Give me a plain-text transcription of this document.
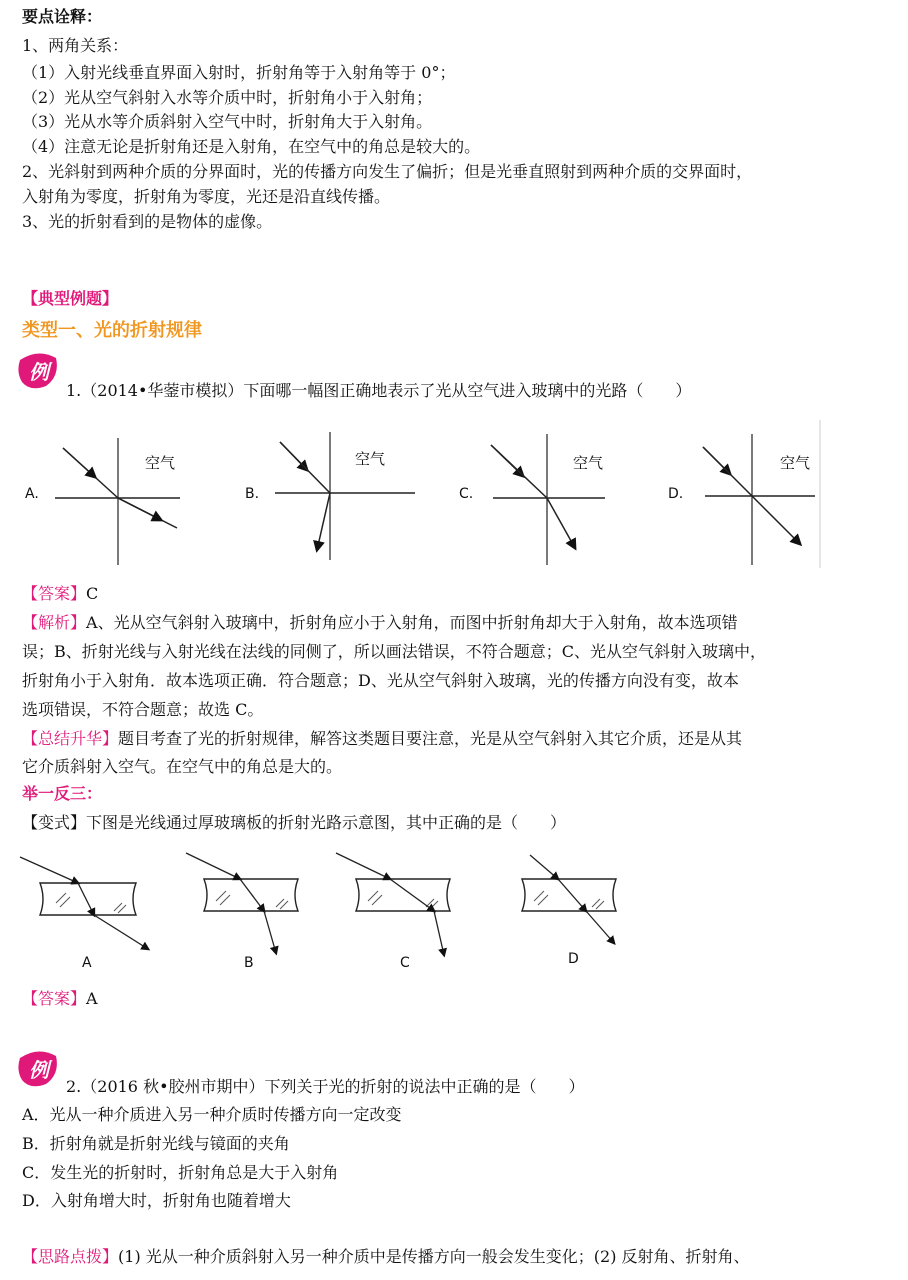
要点诠释：
1、两角关系：
（1）入射光线垂直界面入射时，折射角等于入射角等于 0°；
（2）光从空气斜射入水等介质中时，折射角小于入射角；
（3）光从水等介质斜射入空气中时，折射角大于入射角。
（4）注意无论是折射角还是入射角，在空气中的角总是较大的。
2、光斜射到两种介质的分界面时，光的传播方向发生了偏折；但是光垂直照射到两种介质的交界面时，
入射角为零度，折射角为零度，光还是沿直线传播。
3、光的折射看到的是物体的虚像。
【典型例题】
类型一、光的折射规律
例
1.（2014•华蓥市模拟）下面哪一幅图正确地表示了光从空气进入玻璃中的光路（　　）
空气
A.
空气
B.
空气
C.
空气
D.
【答案】C
【解析】A、光从空气斜射入玻璃中，折射角应小于入射角，而图中折射角却大于入射角，故本选项错
误；B、折射光线与入射光线在法线的同侧了，所以画法错误，不符合题意；C、光从空气斜射入玻璃中，
折射角小于入射角．故本选项正确．符合题意；D、光从空气斜射入玻璃，光的传播方向没有变，故本
选项错误，不符合题意；故选 C。
【总结升华】题目考查了光的折射规律，解答这类题目要注意，光是从空气斜射入其它介质，还是从其
它介质斜射入空气。在空气中的角总是大的。
举一反三：
【变式】下图是光线通过厚玻璃板的折射光路示意图，其中正确的是（　　）
A	B	C	D
【答案】A
例
2.（2016 秋•胶州市期中）下列关于光的折射的说法中正确的是（　　）
A．光从一种介质进入另一种介质时传播方向一定改变
B．折射角就是折射光线与镜面的夹角
C．发生光的折射时，折射角总是大于入射角
D．入射角增大时，折射角也随着增大
【思路点拨】(1) 光从一种介质斜射入另一种介质中是传播方向一般会发生变化；(2) 反射角、折射角、
